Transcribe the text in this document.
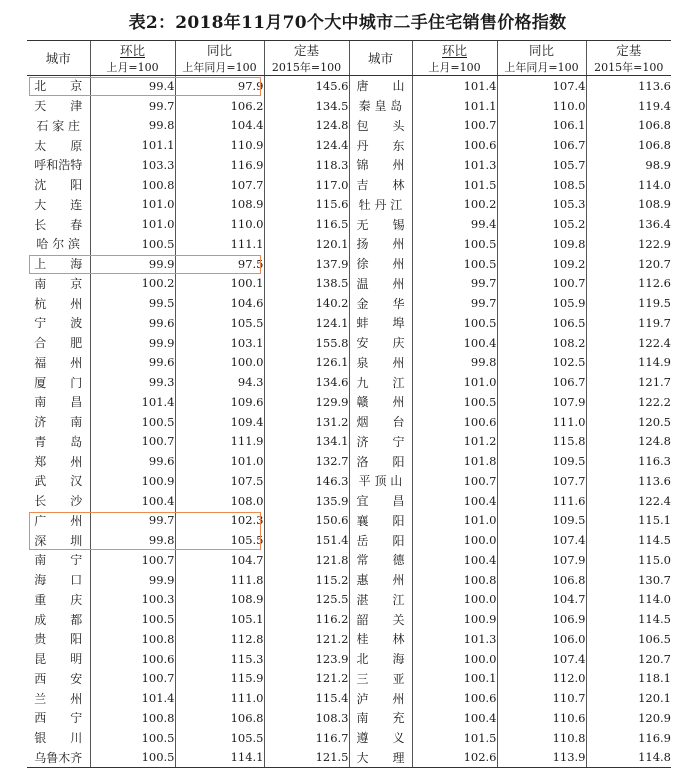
表2：2018年11月70个大中城市二手住宅销售价格指数
城市	环比	同比	定基	城市	环比	同比	定基
	上月=100	上年同月=100	2015年=100		上月=100	上年同月=100	2015年=100
北　　京	99.4	97.9	145.6	唐　　山	101.4	107.4	113.6
天　　津	99.7	106.2	134.5	秦 皇 岛	101.1	110.0	119.4
石 家 庄	99.8	104.4	124.8	包　　头	100.7	106.1	106.8
太　　原	101.1	110.9	124.4	丹　　东	100.6	106.7	106.8
呼和浩特	103.3	116.9	118.3	锦　　州	101.3	105.7	98.9
沈　　阳	100.8	107.7	117.0	吉　　林	101.5	108.5	114.0
大　　连	101.0	108.9	115.6	牡 丹 江	100.2	105.3	108.9
长　　春	101.0	110.0	116.5	无　　锡	99.4	105.2	136.4
哈 尔 滨	100.5	111.1	120.1	扬　　州	100.5	109.8	122.9
上　　海	99.9	97.5	137.9	徐　　州	100.5	109.2	120.7
南　　京	100.2	100.1	138.5	温　　州	99.7	100.7	112.6
杭　　州	99.5	104.6	140.2	金　　华	99.7	105.9	119.5
宁　　波	99.6	105.5	124.1	蚌　　埠	100.5	106.5	119.7
合　　肥	99.9	103.1	155.8	安　　庆	100.4	108.2	122.4
福　　州	99.6	100.0	126.1	泉　　州	99.8	102.5	114.9
厦　　门	99.3	94.3	134.6	九　　江	101.0	106.7	121.7
南　　昌	101.4	109.6	129.9	赣　　州	100.5	107.9	122.2
济　　南	100.5	109.4	131.2	烟　　台	100.6	111.0	120.5
青　　岛	100.7	111.9	134.1	济　　宁	101.2	115.8	124.8
郑　　州	99.6	101.0	132.7	洛　　阳	101.8	109.5	116.3
武　　汉	100.9	107.5	146.3	平 顶 山	100.7	107.7	113.6
长　　沙	100.4	108.0	135.9	宜　　昌	100.4	111.6	122.4
广　　州	99.7	102.3	150.6	襄　　阳	101.0	109.5	115.1
深　　圳	99.8	105.5	151.4	岳　　阳	100.0	107.4	114.5
南　　宁	100.7	104.7	121.8	常　　德	100.4	107.9	115.0
海　　口	99.9	111.8	115.2	惠　　州	100.8	106.8	130.7
重　　庆	100.3	108.9	125.5	湛　　江	100.0	104.7	114.0
成　　都	100.5	105.1	116.2	韶　　关	100.9	106.9	114.5
贵　　阳	100.8	112.8	121.2	桂　　林	101.3	106.0	106.5
昆　　明	100.6	115.3	123.9	北　　海	100.0	107.4	120.7
西　　安	100.7	115.9	121.2	三　　亚	100.1	112.0	118.1
兰　　州	101.4	111.0	115.4	泸　　州	100.6	110.7	120.1
西　　宁	100.8	106.8	108.3	南　　充	100.4	110.6	120.9
银　　川	100.5	105.5	116.7	遵　　义	101.5	110.8	116.9
乌鲁木齐	100.5	114.1	121.5	大　　理	102.6	113.9	114.8
